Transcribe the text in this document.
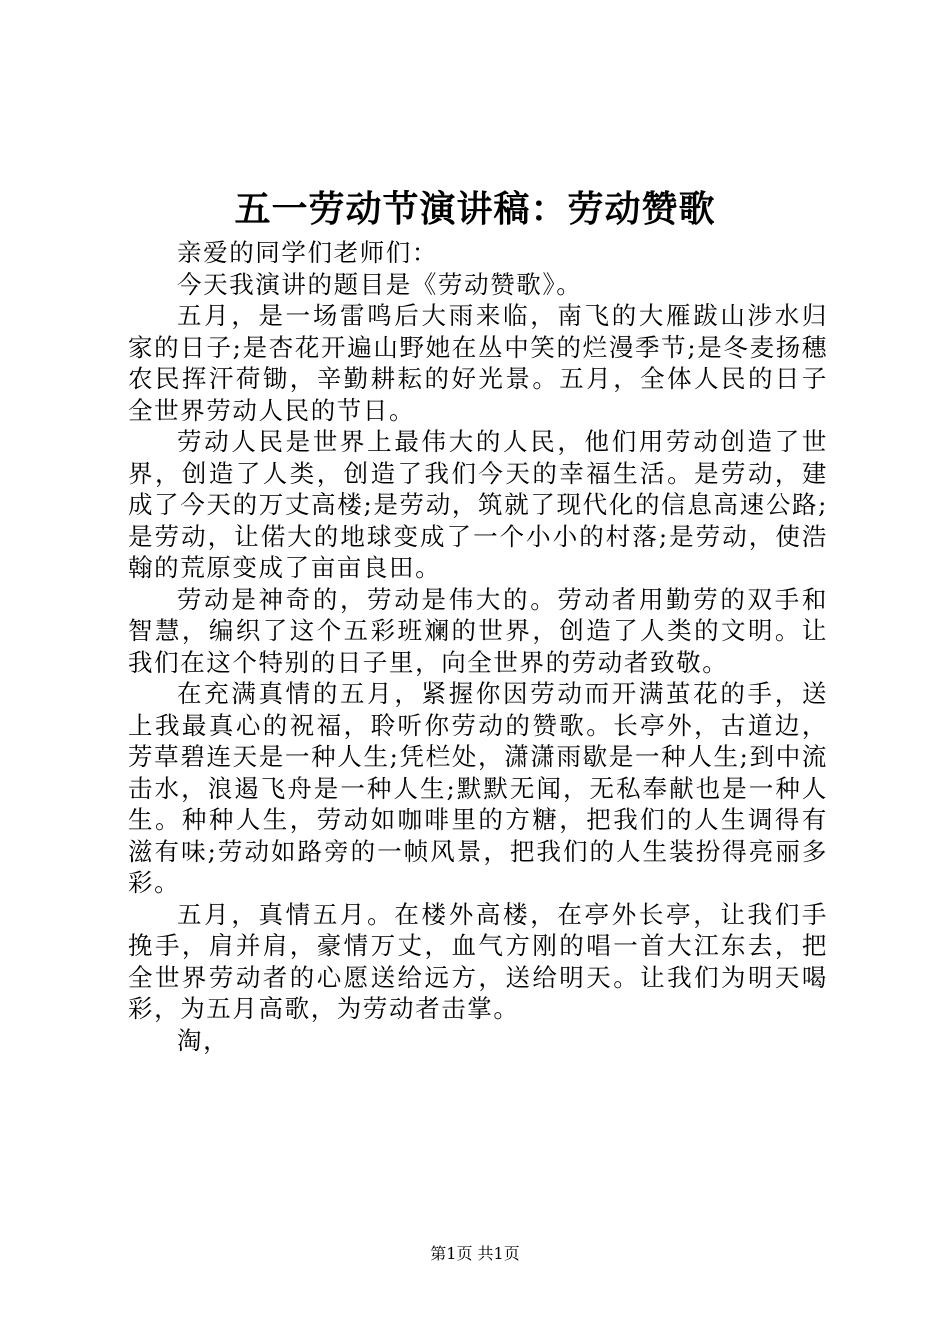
五一劳动节演讲稿：劳动赞歌

亲爱的同学们老师们：

今天我演讲的题目是《劳动赞歌》。

五月，是一场雷鸣后大雨来临，南飞的大雁跋山涉水归家的日子;是杏花开遍山野她在丛中笑的烂漫季节;是冬麦扬穗农民挥汗荷锄，辛勤耕耘的好光景。五月，全体人民的日子全世界劳动人民的节日。

劳动人民是世界上最伟大的人民，他们用劳动创造了世界，创造了人类，创造了我们今天的幸福生活。是劳动，建成了今天的万丈高楼;是劳动，筑就了现代化的信息高速公路;是劳动，让偌大的地球变成了一个小小的村落;是劳动，使浩翰的荒原变成了亩亩良田。

劳动是神奇的，劳动是伟大的。劳动者用勤劳的双手和智慧，编织了这个五彩班斓的世界，创造了人类的文明。让我们在这个特别的日子里，向全世界的劳动者致敬。

在充满真情的五月，紧握你因劳动而开满茧花的手，送上我最真心的祝福，聆听你劳动的赞歌。长亭外，古道边，芳草碧连天是一种人生;凭栏处，潇潇雨歇是一种人生;到中流击水，浪遏飞舟是一种人生;默默无闻，无私奉献也是一种人生。种种人生，劳动如咖啡里的方糖，把我们的人生调得有滋有味;劳动如路旁的一帧风景，把我们的人生装扮得亮丽多彩。

五月，真情五月。在楼外高楼，在亭外长亭，让我们手挽手，肩并肩，豪情万丈，血气方刚的唱一首大江东去，把全世界劳动者的心愿送给远方，送给明天。让我们为明天喝彩，为五月高歌，为劳动者击掌。

淘，

第1页 共1页
